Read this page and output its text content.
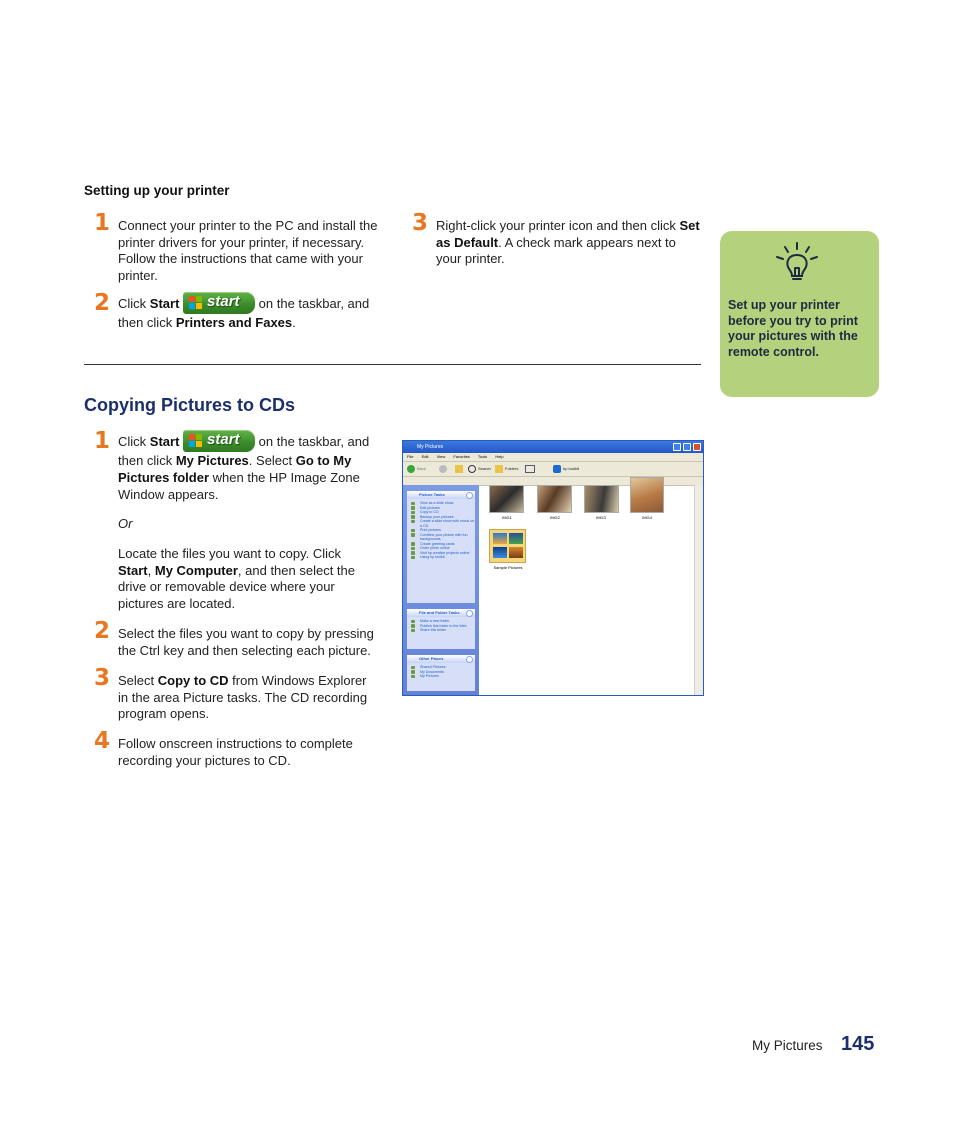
Setting up your printer
1 Connect your printer to the PC and install the printer drivers for your printer, if necessary. Follow the instructions that came with your printer.
2 Click Start start on the taskbar, and then click Printers and Faxes.
3 Right-click your printer icon and then click Set as Default. A check mark appears next to your printer.
Set up your printer before you try to print your pictures with the remote control.
Copying Pictures to CDs
1 Click Start start on the taskbar, and then click My Pictures. Select Go to My Pictures folder when the HP Image Zone Window appears.
Or
Locate the files you want to copy. Click Start, My Computer, and then select the drive or removable device where your pictures are located.
2 Select the files you want to copy by pressing the Ctrl key and then selecting each picture.
3 Select Copy to CD from Windows Explorer in the area Picture tasks. The CD recording program opens.
4 Follow onscreen instructions to complete recording your pictures to CD.
My Pictures
File Edit View Favorites Tools Help
Back	Search	Folders	hp toolkit
Picture Tasks
View as a slide show
Edit pictures
Copy to CD
Backup your pictures
Create a slide show with music on a CD
Print pictures
Combine your picture with fun backgrounds
Create greeting cards
Order prints online
Visit hp creative projects online
Using hp toolkit
File and Folder Tasks
Make a new folder
Publish this folder to the Web
Share this folder
Other Places
Shared Pictures
My Documents
My Pictures
IMG1	IMG2	IMG3	IMG4
Sample Pictures
My Pictures 145
